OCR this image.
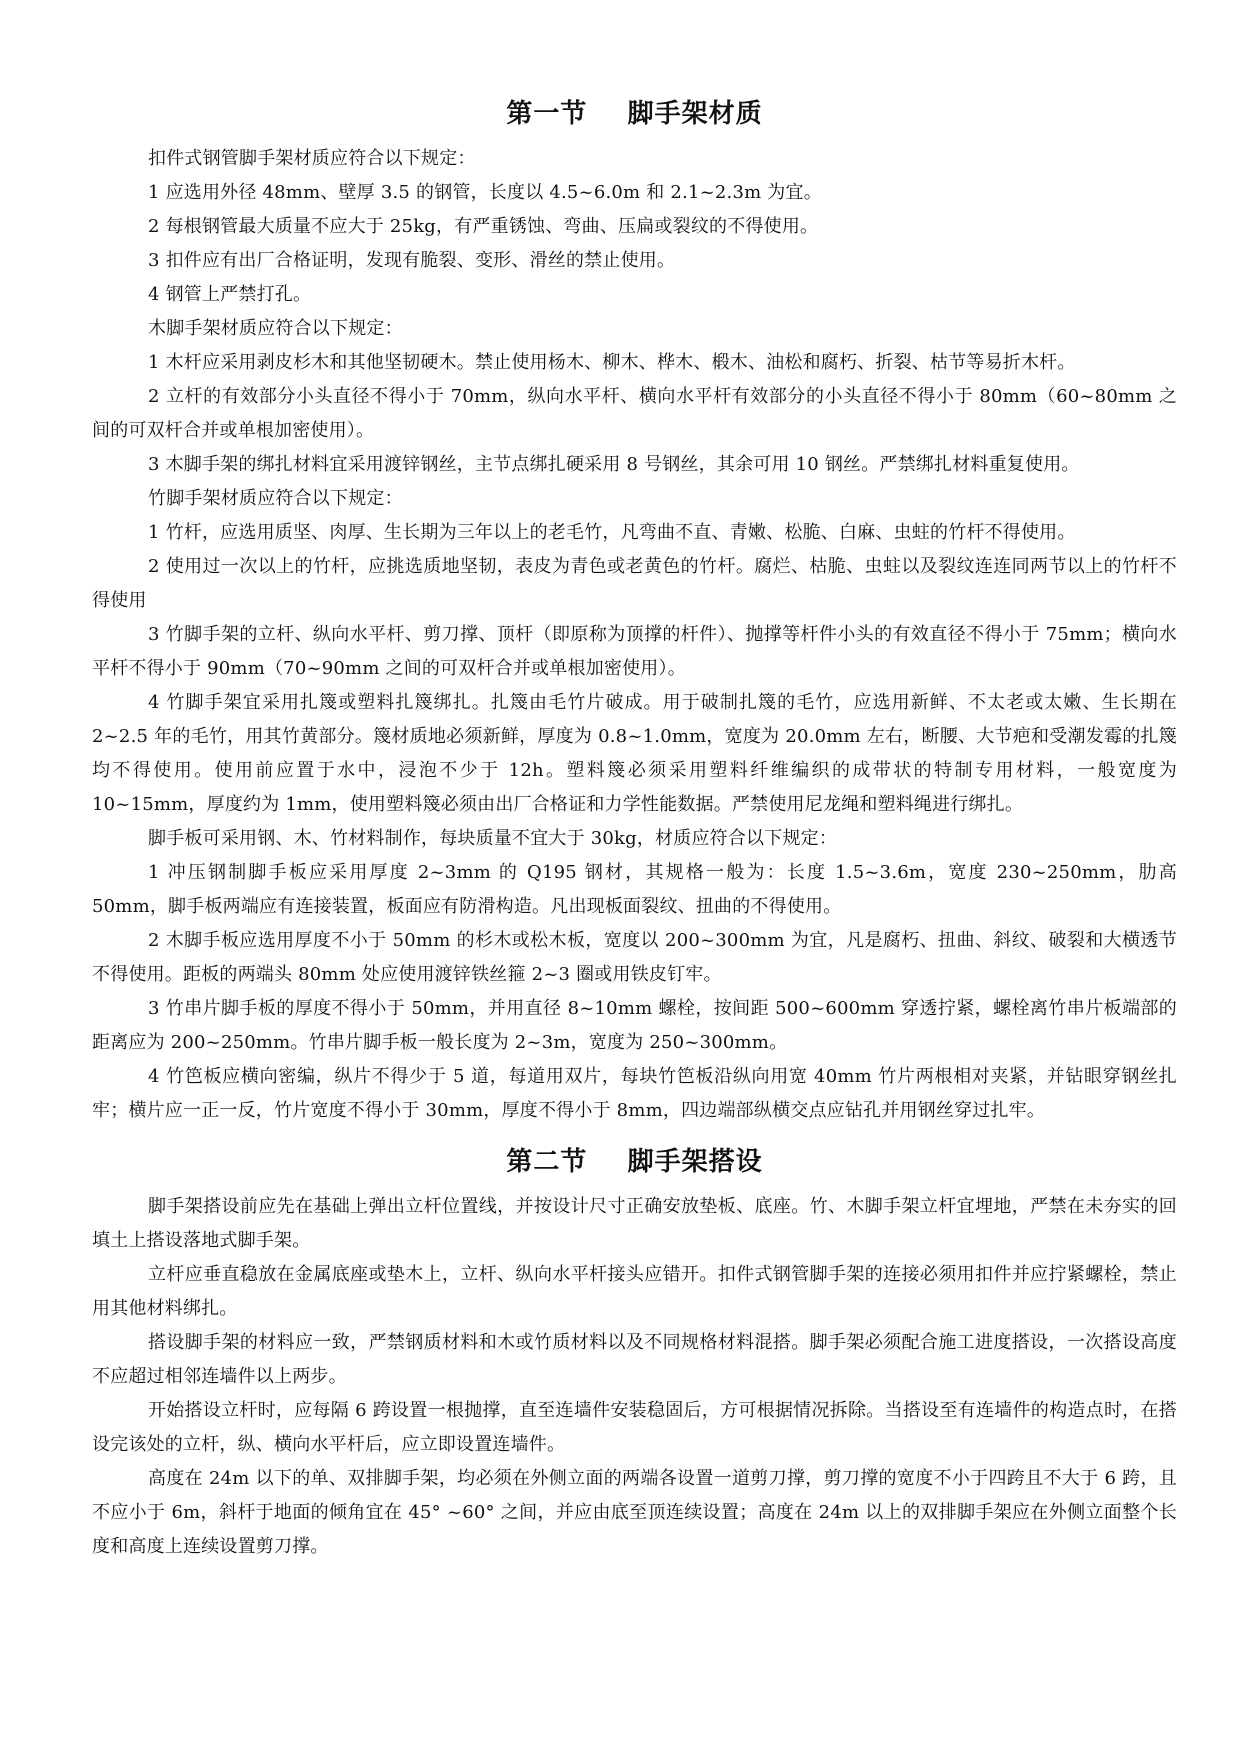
第一节    脚手架材质

扣件式钢管脚手架材质应符合以下规定：

1 应选用外径 48mm、壁厚 3.5 的钢管，长度以 4.5~6.0m 和 2.1~2.3m 为宜。

2 每根钢管最大质量不应大于 25kg，有严重锈蚀、弯曲、压扁或裂纹的不得使用。

3 扣件应有出厂合格证明，发现有脆裂、变形、滑丝的禁止使用。

4 钢管上严禁打孔。

木脚手架材质应符合以下规定：

1 木杆应采用剥皮杉木和其他坚韧硬木。禁止使用杨木、柳木、桦木、椴木、油松和腐朽、折裂、枯节等易折木杆。

2 立杆的有效部分小头直径不得小于 70mm，纵向水平杆、横向水平杆有效部分的小头直径不得小于 80mm（60~80mm 之间的可双杆合并或单根加密使用）。

3 木脚手架的绑扎材料宜采用渡锌钢丝，主节点绑扎硬采用 8 号钢丝，其余可用 10 钢丝。严禁绑扎材料重复使用。

竹脚手架材质应符合以下规定：

1 竹杆，应选用质坚、肉厚、生长期为三年以上的老毛竹，凡弯曲不直、青嫩、松脆、白麻、虫蛀的竹杆不得使用。

2 使用过一次以上的竹杆，应挑选质地坚韧，表皮为青色或老黄色的竹杆。腐烂、枯脆、虫蛀以及裂纹连连同两节以上的竹杆不得使用

3 竹脚手架的立杆、纵向水平杆、剪刀撑、顶杆（即原称为顶撑的杆件）、抛撑等杆件小头的有效直径不得小于 75mm；横向水平杆不得小于 90mm（70~90mm 之间的可双杆合并或单根加密使用）。

4 竹脚手架宜采用扎篾或塑料扎篾绑扎。扎篾由毛竹片破成。用于破制扎篾的毛竹，应选用新鲜、不太老或太嫩、生长期在 2~2.5 年的毛竹，用其竹黄部分。篾材质地必须新鲜，厚度为 0.8~1.0mm，宽度为 20.0mm 左右，断腰、大节疤和受潮发霉的扎篾均不得使用。使用前应置于水中，浸泡不少于 12h。塑料篾必须采用塑料纤维编织的成带状的特制专用材料，一般宽度为 10~15mm，厚度约为 1mm，使用塑料篾必须由出厂合格证和力学性能数据。严禁使用尼龙绳和塑料绳进行绑扎。

脚手板可采用钢、木、竹材料制作，每块质量不宜大于 30kg，材质应符合以下规定：

1 冲压钢制脚手板应采用厚度 2~3mm 的 Q195 钢材，其规格一般为：长度 1.5~3.6m，宽度 230~250mm，肋高 50mm，脚手板两端应有连接装置，板面应有防滑构造。凡出现板面裂纹、扭曲的不得使用。

2 木脚手板应选用厚度不小于 50mm 的杉木或松木板，宽度以 200~300mm 为宜，凡是腐朽、扭曲、斜纹、破裂和大横透节不得使用。距板的两端头 80mm 处应使用渡锌铁丝箍 2~3 圈或用铁皮钉牢。

3 竹串片脚手板的厚度不得小于 50mm，并用直径 8~10mm 螺栓，按间距 500~600mm 穿透拧紧，螺栓离竹串片板端部的距离应为 200~250mm。竹串片脚手板一般长度为 2~3m，宽度为 250~300mm。

4 竹笆板应横向密编，纵片不得少于 5 道，每道用双片，每块竹笆板沿纵向用宽 40mm 竹片两根相对夹紧，并钻眼穿钢丝扎牢；横片应一正一反，竹片宽度不得小于 30mm，厚度不得小于 8mm，四边端部纵横交点应钻孔并用钢丝穿过扎牢。

第二节    脚手架搭设

脚手架搭设前应先在基础上弹出立杆位置线，并按设计尺寸正确安放垫板、底座。竹、木脚手架立杆宜埋地，严禁在未夯实的回填土上搭设落地式脚手架。

立杆应垂直稳放在金属底座或垫木上，立杆、纵向水平杆接头应错开。扣件式钢管脚手架的连接必须用扣件并应拧紧螺栓，禁止用其他材料绑扎。

搭设脚手架的材料应一致，严禁钢质材料和木或竹质材料以及不同规格材料混搭。脚手架必须配合施工进度搭设，一次搭设高度不应超过相邻连墙件以上两步。

开始搭设立杆时，应每隔 6 跨设置一根抛撑，直至连墙件安装稳固后，方可根据情况拆除。当搭设至有连墙件的构造点时，在搭设完该处的立杆，纵、横向水平杆后，应立即设置连墙件。

高度在 24m 以下的单、双排脚手架，均必须在外侧立面的两端各设置一道剪刀撑，剪刀撑的宽度不小于四跨且不大于 6 跨，且不应小于 6m，斜杆于地面的倾角宜在 45° ~60° 之间，并应由底至顶连续设置；高度在 24m 以上的双排脚手架应在外侧立面整个长度和高度上连续设置剪刀撑。
